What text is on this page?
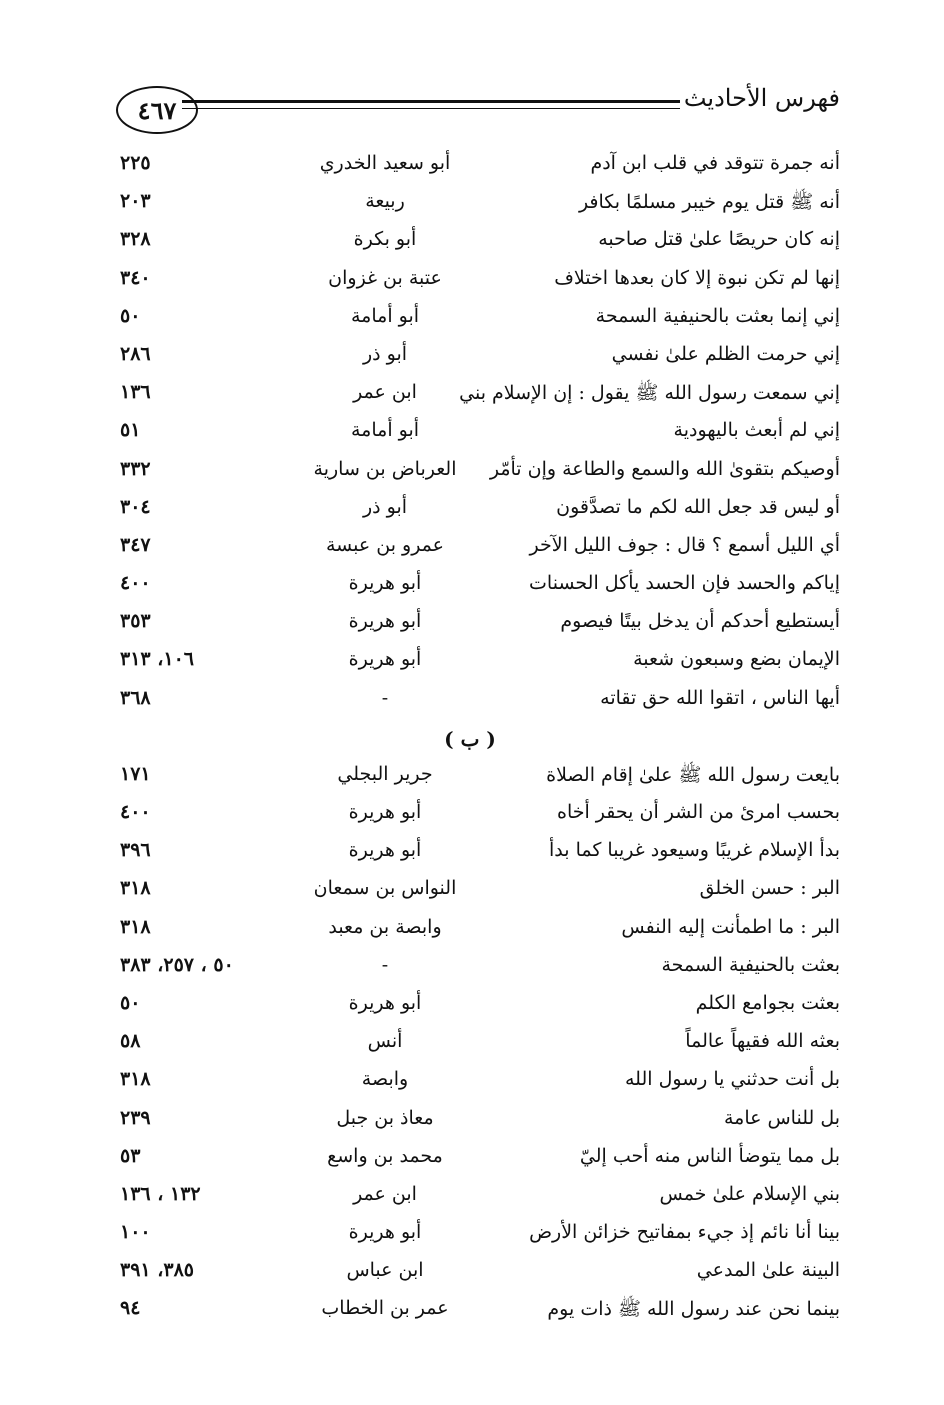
فهرس الأحاديث
٤٦٧
أنه جمرة تتوقد في قلب ابن آدم
أبو سعيد الخدري
٢٢٥
أنه ﷺ قتل يوم خيبر مسلمًا بكافر
ربيعة
٢٠٣
إنه كان حريصًا علىٰ قتل صاحبه
أبو بكرة
٣٢٨
إنها لم تكن نبوة إلا كان بعدها اختلاف
عتبة بن غزوان
٣٤٠
إني إنما بعثت بالحنيفية السمحة
أبو أمامة
٥٠
إني حرمت الظلم علىٰ نفسي
أبو ذر
٢٨٦
إني سمعت رسول الله ﷺ يقول : إن الإسلام بني
ابن عمر
١٣٦
إني لم أبعث باليهودية
أبو أمامة
٥١
أوصيكم بتقوىٰ الله والسمع والطاعة وإن تأمّر
العرباض بن سارية
٣٣٢
أو ليس قد جعل الله لكم ما تصدَّقون
أبو ذر
٣٠٤
أي الليل أسمع ؟ قال : جوف الليل الآخر
عمرو بن عبسة
٣٤٧
إياكم والحسد فإن الحسد يأكل الحسنات
أبو هريرة
٤٠٠
أيستطيع أحدكم أن يدخل بيتًا فيصوم
أبو هريرة
٣٥٣
الإيمان بضع وسبعون شعبة
أبو هريرة
١٠٦، ٣١٣
أيها الناس ، اتقوا الله حق تقاته
-
٣٦٨
( ب )
بايعت رسول الله ﷺ علىٰ إقام الصلاة
جرير البجلي
١٧١
بحسب امرئ من الشر أن يحقر أخاه
أبو هريرة
٤٠٠
بدأ الإسلام غريبًا وسيعود غريبا كما بدأ
أبو هريرة
٣٩٦
البر : حسن الخلق
النواس بن سمعان
٣١٨
البر : ما اطمأنت إليه النفس
وابصة بن معبد
٣١٨
بعثت بالحنيفية السمحة
-
٥٠ ، ٢٥٧، ٣٨٣
بعثت بجوامع الكلم
أبو هريرة
٥٠
بعثه الله فقيهاً عالماً
أنس
٥٨
بل أنت حدثني يا رسول الله
وابصة
٣١٨
بل للناس عامة
معاذ بن جبل
٢٣٩
بل مما يتوضأ الناس منه أحب إليّ
محمد بن واسع
٥٣
بني الإسلام علىٰ خمس
ابن عمر
١٣٢ ، ١٣٦
بينا أنا نائم إذ جيء بمفاتيح خزائن الأرض
أبو هريرة
١٠٠
البينة علىٰ المدعي
ابن عباس
٣٨٥، ٣٩١
بينما نحن عند رسول الله ﷺ ذات يوم
عمر بن الخطاب
٩٤
